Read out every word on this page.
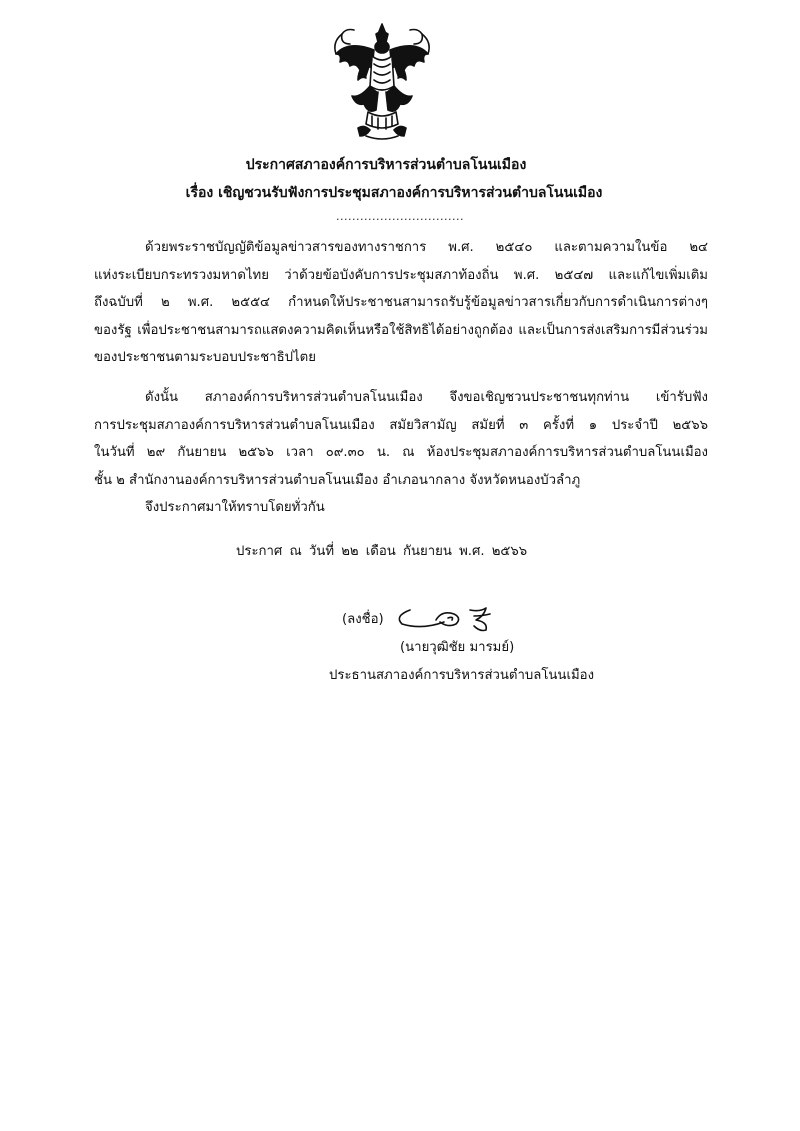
ประกาศสภาองค์การบริหารส่วนตำบลโนนเมือง
เรื่อง เชิญชวนรับฟังการประชุมสภาองค์การบริหารส่วนตำบลโนนเมือง
................................
ด้วยพระราชบัญญัติข้อมูลข่าวสารของทางราชการ พ.ศ. ๒๕๔๐ และตามความในข้อ ๒๔
แห่งระเบียบกระทรวงมหาดไทย ว่าด้วยข้อบังคับการประชุมสภาท้องถิ่น พ.ศ. ๒๕๔๗ และแก้ไขเพิ่มเติม
ถึงฉบับที่ ๒ พ.ศ. ๒๕๕๔ กำหนดให้ประชาชนสามารถรับรู้ข้อมูลข่าวสารเกี่ยวกับการดำเนินการต่างๆ
ของรัฐ เพื่อประชาชนสามารถแสดงความคิดเห็นหรือใช้สิทธิได้อย่างถูกต้อง และเป็นการส่งเสริมการมีส่วนร่วม
ของประชาชนตามระบอบประชาธิปไตย
ดังนั้น สภาองค์การบริหารส่วนตำบลโนนเมือง จึงขอเชิญชวนประชาชนทุกท่าน เข้ารับฟัง
การประชุมสภาองค์การบริหารส่วนตำบลโนนเมือง สมัยวิสามัญ สมัยที่ ๓ ครั้งที่ ๑ ประจำปี ๒๕๖๖
ในวันที่ ๒๙ กันยายน ๒๕๖๖ เวลา ๐๙.๓๐ น. ณ ห้องประชุมสภาองค์การบริหารส่วนตำบลโนนเมือง
ชั้น ๒ สำนักงานองค์การบริหารส่วนตำบลโนนเมือง อำเภอนากลาง จังหวัดหนองบัวลำภู
จึงประกาศมาให้ทราบโดยทั่วกัน
ประกาศ ณ วันที่ ๒๒ เดือน กันยายน พ.ศ. ๒๕๖๖
(ลงชื่อ)
(นายวุฒิชัย มารมย์)
ประธานสภาองค์การบริหารส่วนตำบลโนนเมือง
